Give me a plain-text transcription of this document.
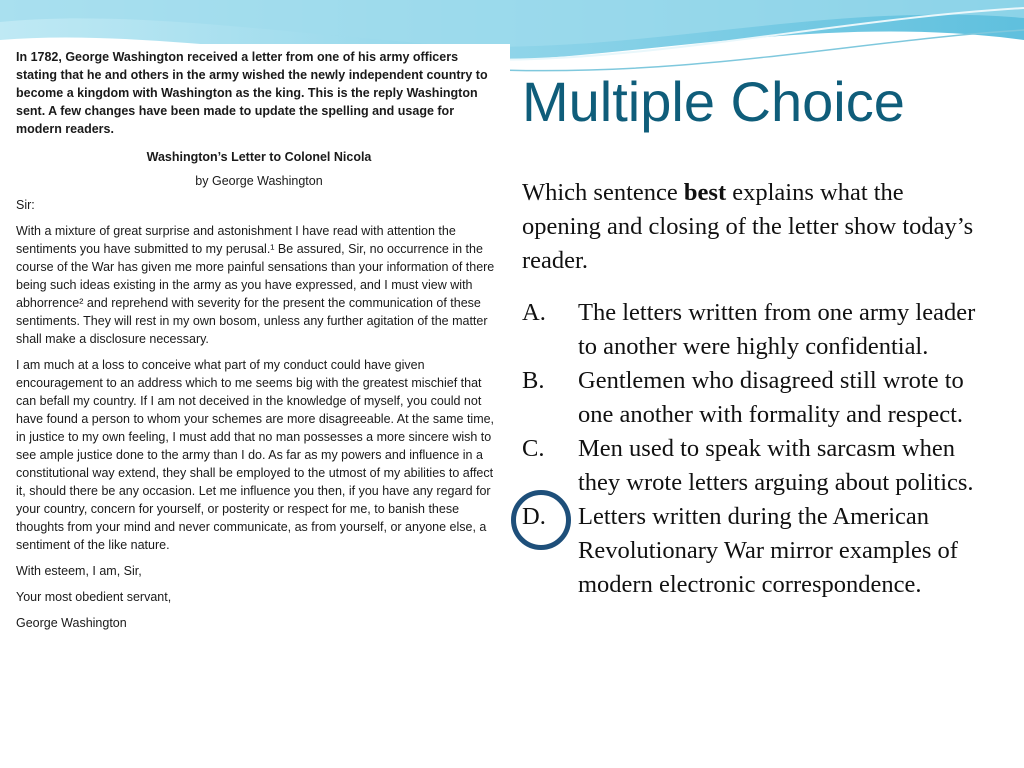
In 1782, George Washington received a letter from one of his army officers stating that he and others in the army wished the newly independent country to become a kingdom with Washington as the king. This is the reply Washington sent. A few changes have been made to update the spelling and usage for modern readers.

Washington’s Letter to Colonel Nicola
by George Washington

Sir:

With a mixture of great surprise and astonishment I have read with attention the sentiments you have submitted to my perusal.¹ Be assured, Sir, no occurrence in the course of the War has given me more painful sensations than your information of there being such ideas existing in the army as you have expressed, and I must view with abhorrence² and reprehend with severity for the present the communication of these sentiments. They will rest in my own bosom, unless any further agitation of the matter shall make a disclosure necessary.

I am much at a loss to conceive what part of my conduct could have given encouragement to an address which to me seems big with the greatest mischief that can befall my country. If I am not deceived in the knowledge of myself, you could not have found a person to whom your schemes are more disagreeable. At the same time, in justice to my own feeling, I must add that no man possesses a more sincere wish to see ample justice done to the army than I do. As far as my powers and influence in a constitutional way extend, they shall be employed to the utmost of my abilities to affect it, should there be any occasion. Let me influence you then, if you have any regard for your country, concern for yourself, or posterity or respect for me, to banish these thoughts from your mind and never communicate, as from yourself, or anyone else, a sentiment of the like nature.

With esteem, I am, Sir,
Your most obedient servant,
George Washington
Multiple Choice
Which sentence best explains what the opening and closing of the letter show today’s reader.
A.	The letters written from one army leader to another were highly confidential.
B.	Gentlemen who disagreed still wrote to one another with formality and respect.
C.	Men used to speak with sarcasm when they wrote letters arguing about politics.
D.	Letters written during the American Revolutionary War mirror examples of modern electronic correspondence.
